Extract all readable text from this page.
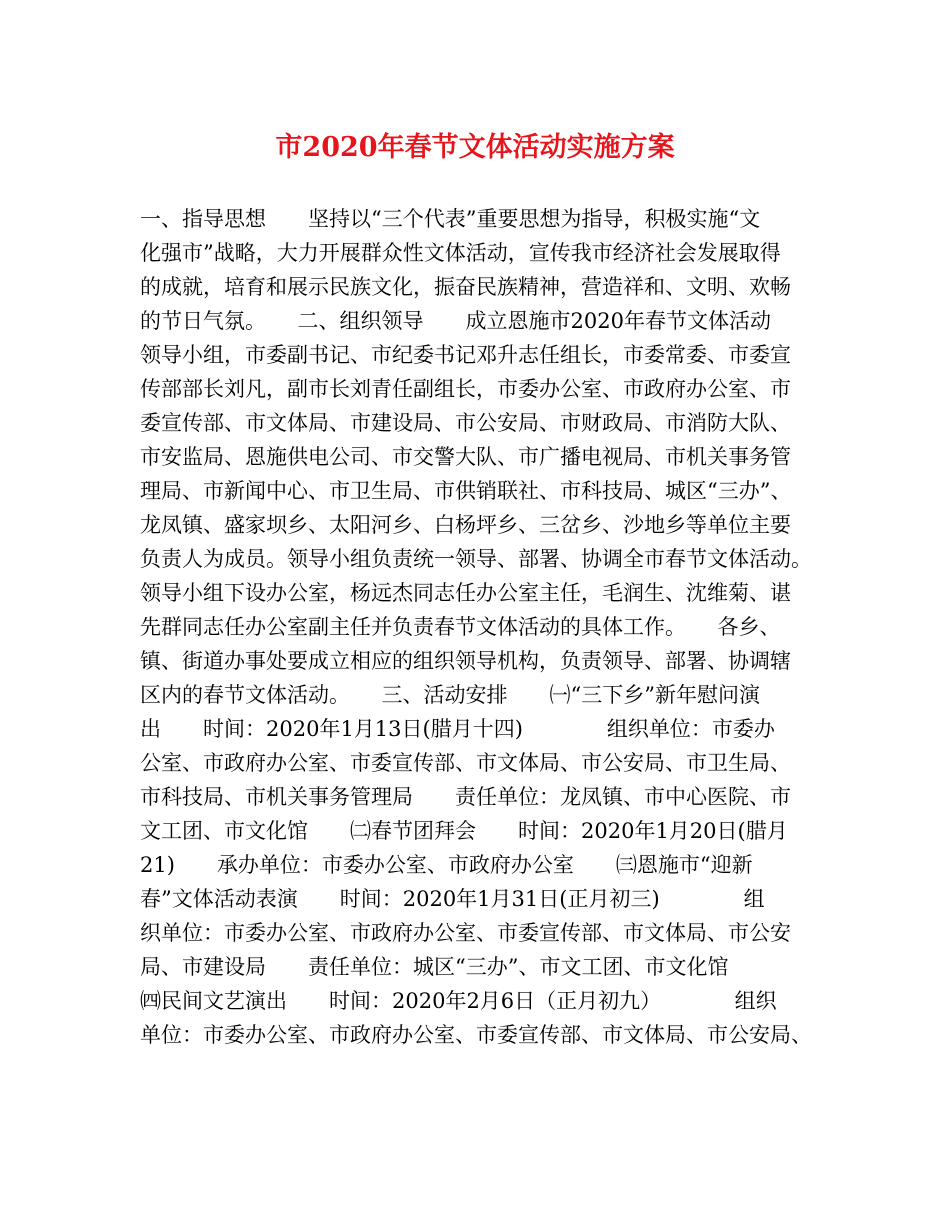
市2020年春节文体活动实施方案
一、指导思想　　坚持以“三个代表”重要思想为指导，积极实施“文
化强市”战略，大力开展群众性文体活动，宣传我市经济社会发展取得
的成就，培育和展示民族文化，振奋民族精神，营造祥和、文明、欢畅
的节日气氛。　　二、组织领导　　成立恩施市2020年春节文体活动
领导小组，市委副书记、市纪委书记邓升志任组长，市委常委、市委宣
传部部长刘凡，副市长刘青任副组长，市委办公室、市政府办公室、市
委宣传部、市文体局、市建设局、市公安局、市财政局、市消防大队、
市安监局、恩施供电公司、市交警大队、市广播电视局、市机关事务管
理局、市新闻中心、市卫生局、市供销联社、市科技局、城区“三办”、
龙凤镇、盛家坝乡、太阳河乡、白杨坪乡、三岔乡、沙地乡等单位主要
负责人为成员。领导小组负责统一领导、部署、协调全市春节文体活动。
领导小组下设办公室，杨远杰同志任办公室主任，毛润生、沈维菊、谌
先群同志任办公室副主任并负责春节文体活动的具体工作。　　各乡、
镇、街道办事处要成立相应的组织领导机构，负责领导、部署、协调辖
区内的春节文体活动。　　三、活动安排　　㈠“三下乡”新年慰问演
出　　时间：2020年1月13日(腊月十四)　　　　组织单位：市委办
公室、市政府办公室、市委宣传部、市文体局、市公安局、市卫生局、
市科技局、市机关事务管理局　　责任单位：龙凤镇、市中心医院、市
文工团、市文化馆　　㈡春节团拜会　　时间：2020年1月20日(腊月
21)　　承办单位：市委办公室、市政府办公室　　㈢恩施市“迎新
春”文体活动表演　　时间：2020年1月31日(正月初三)　　　　组
织单位：市委办公室、市政府办公室、市委宣传部、市文体局、市公安
局、市建设局　　责任单位：城区“三办”、市文工团、市文化馆
㈣民间文艺演出　　时间：2020年2月6日（正月初九）　　　　组织
单位：市委办公室、市政府办公室、市委宣传部、市文体局、市公安局、
